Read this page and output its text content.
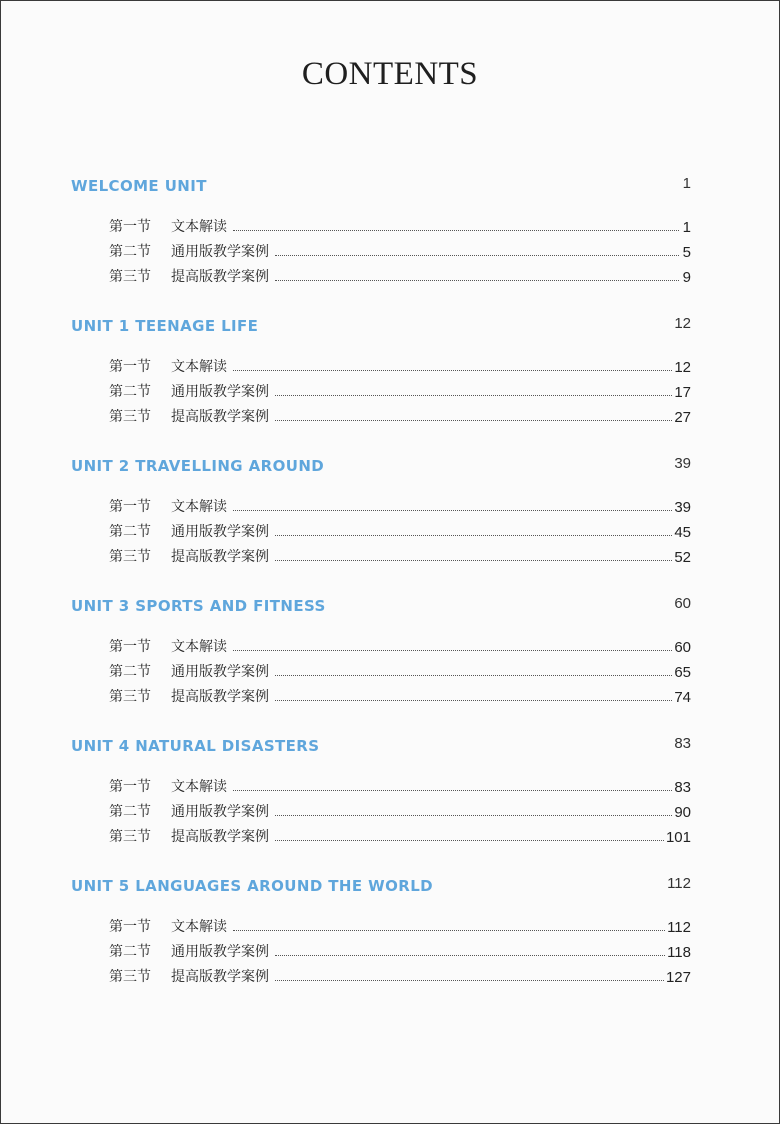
CONTENTS
WELCOME UNIT	1
第一节	文本解读	1
第二节	通用版教学案例	5
第三节	提高版教学案例	9
UNIT 1 TEENAGE LIFE	12
第一节	文本解读	12
第二节	通用版教学案例	17
第三节	提高版教学案例	27
UNIT 2 TRAVELLING AROUND	39
第一节	文本解读	39
第二节	通用版教学案例	45
第三节	提高版教学案例	52
UNIT 3 SPORTS AND FITNESS	60
第一节	文本解读	60
第二节	通用版教学案例	65
第三节	提高版教学案例	74
UNIT 4 NATURAL DISASTERS	83
第一节	文本解读	83
第二节	通用版教学案例	90
第三节	提高版教学案例	101
UNIT 5 LANGUAGES AROUND THE WORLD	112
第一节	文本解读	112
第二节	通用版教学案例	118
第三节	提高版教学案例	127
